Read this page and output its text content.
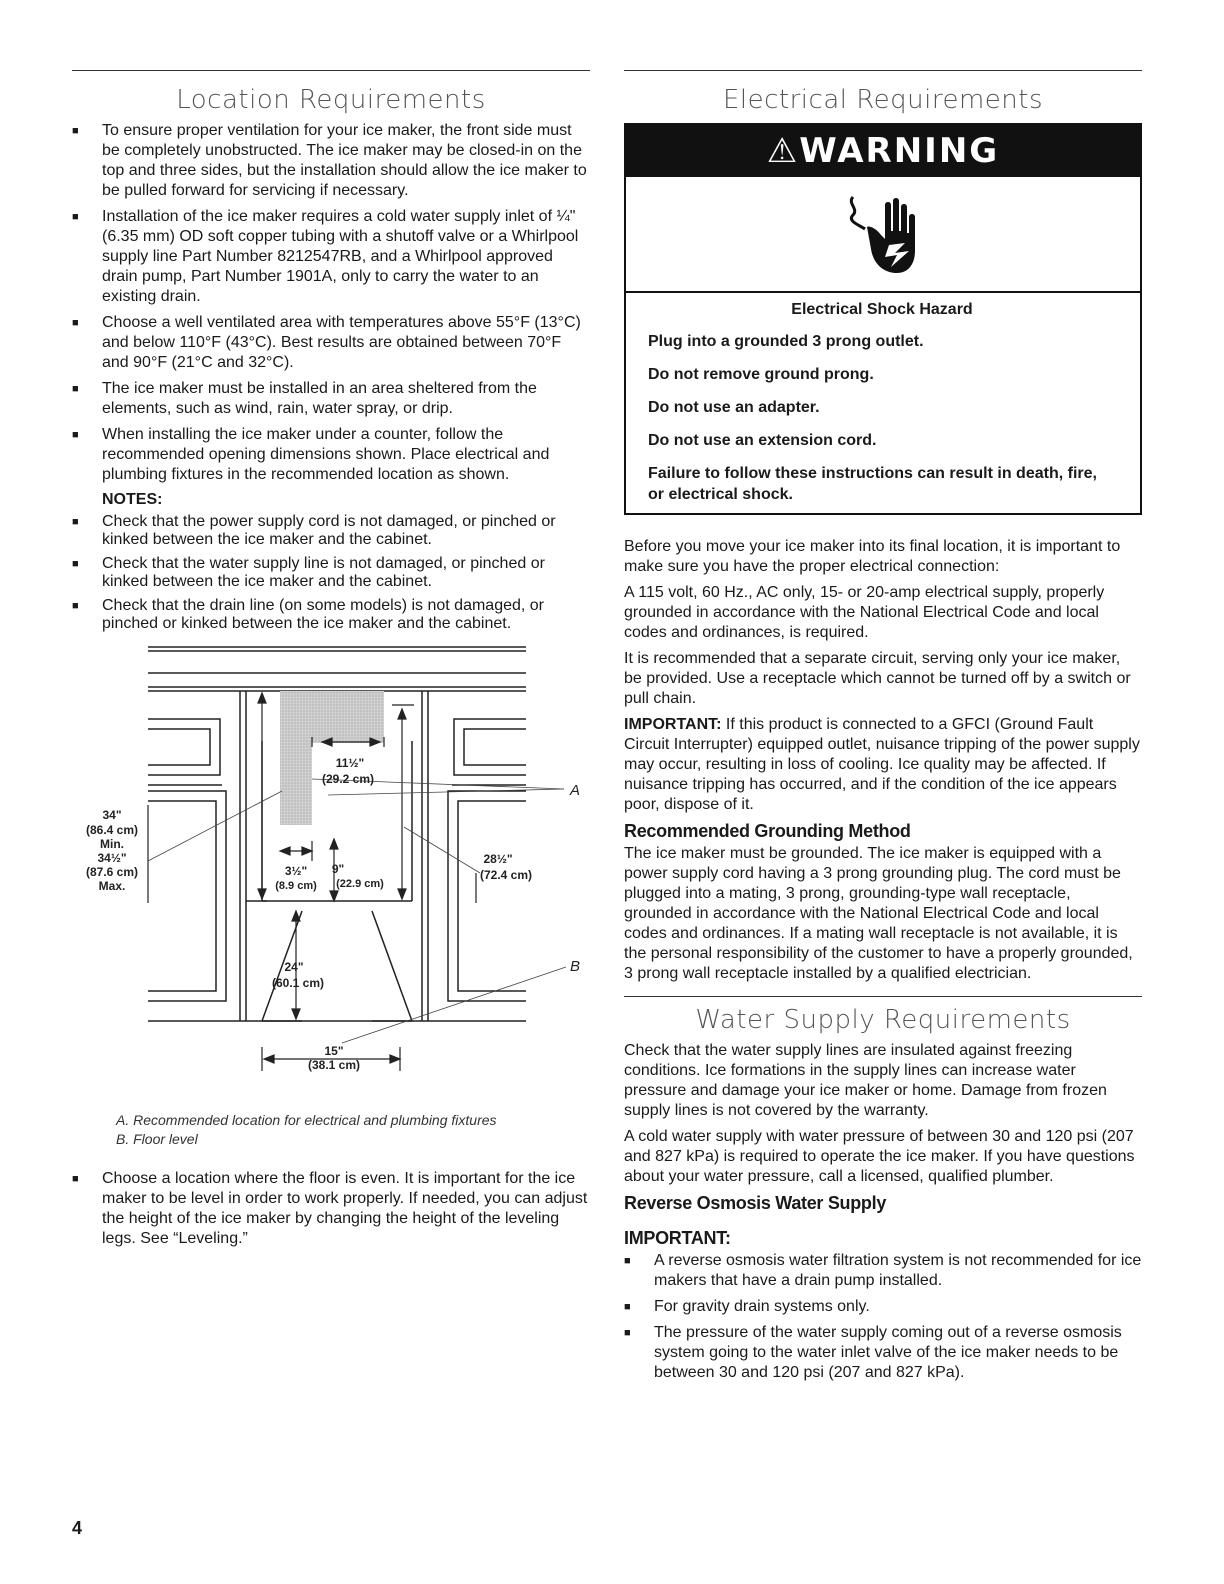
Location Requirements
■ To ensure proper ventilation for your ice maker, the front side must be completely unobstructed. The ice maker may be closed-in on the top and three sides, but the installation should allow the ice maker to be pulled forward for servicing if necessary.
■ Installation of the ice maker requires a cold water supply inlet of ¼" (6.35 mm) OD soft copper tubing with a shutoff valve or a Whirlpool supply line Part Number 8212547RB, and a Whirlpool approved drain pump, Part Number 1901A, only to carry the water to an existing drain.
■ Choose a well ventilated area with temperatures above 55°F (13°C) and below 110°F (43°C). Best results are obtained between 70°F and 90°F (21°C and 32°C).
■ The ice maker must be installed in an area sheltered from the elements, such as wind, rain, water spray, or drip.
■ When installing the ice maker under a counter, follow the recommended opening dimensions shown. Place electrical and plumbing fixtures in the recommended location as shown.
NOTES:
■ Check that the power supply cord is not damaged, or pinched or kinked between the ice maker and the cabinet.
■ Check that the water supply line is not damaged, or pinched or kinked between the ice maker and the cabinet.
■ Check that the drain line (on some models) is not damaged, or pinched or kinked between the ice maker and the cabinet.
34"
(86.4 cm)
Min.
34½"
(87.6 cm)
Max.
11½"
(29.2 cm)
28½"
(72.4 cm)
3½"
(8.9 cm)
9"
(22.9 cm)
24"
(60.1 cm)
15"
(38.1 cm)
A
B
A. Recommended location for electrical and plumbing fixtures
B. Floor level
■ Choose a location where the floor is even. It is important for the ice maker to be level in order to work properly. If needed, you can adjust the height of the ice maker by changing the height of the leveling legs. See “Leveling.”
Electrical Requirements
⚠WARNING
Electrical Shock Hazard
Plug into a grounded 3 prong outlet.
Do not remove ground prong.
Do not use an adapter.
Do not use an extension cord.
Failure to follow these instructions can result in death, fire, or electrical shock.

Before you move your ice maker into its final location, it is important to make sure you have the proper electrical connection:

A 115 volt, 60 Hz., AC only, 15- or 20-amp electrical supply, properly grounded in accordance with the National Electrical Code and local codes and ordinances, is required.

It is recommended that a separate circuit, serving only your ice maker, be provided. Use a receptacle which cannot be turned off by a switch or pull chain.

IMPORTANT: If this product is connected to a GFCI (Ground Fault Circuit Interrupter) equipped outlet, nuisance tripping of the power supply may occur, resulting in loss of cooling. Ice quality may be affected. If nuisance tripping has occurred, and if the condition of the ice appears poor, dispose of it.

Recommended Grounding Method

The ice maker must be grounded. The ice maker is equipped with a power supply cord having a 3 prong grounding plug. The cord must be plugged into a mating, 3 prong, grounding-type wall receptacle, grounded in accordance with the National Electrical Code and local codes and ordinances. If a mating wall receptacle is not available, it is the personal responsibility of the customer to have a properly grounded, 3 prong wall receptacle installed by a qualified electrician.

Water Supply Requirements

Check that the water supply lines are insulated against freezing conditions. Ice formations in the supply lines can increase water pressure and damage your ice maker or home. Damage from frozen supply lines is not covered by the warranty.

A cold water supply with water pressure of between 30 and 120 psi (207 and 827 kPa) is required to operate the ice maker. If you have questions about your water pressure, call a licensed, qualified plumber.

Reverse Osmosis Water Supply
IMPORTANT:
■ A reverse osmosis water filtration system is not recommended for ice makers that have a drain pump installed.
■ For gravity drain systems only.
■ The pressure of the water supply coming out of a reverse osmosis system going to the water inlet valve of the ice maker needs to be between 30 and 120 psi (207 and 827 kPa).
4
